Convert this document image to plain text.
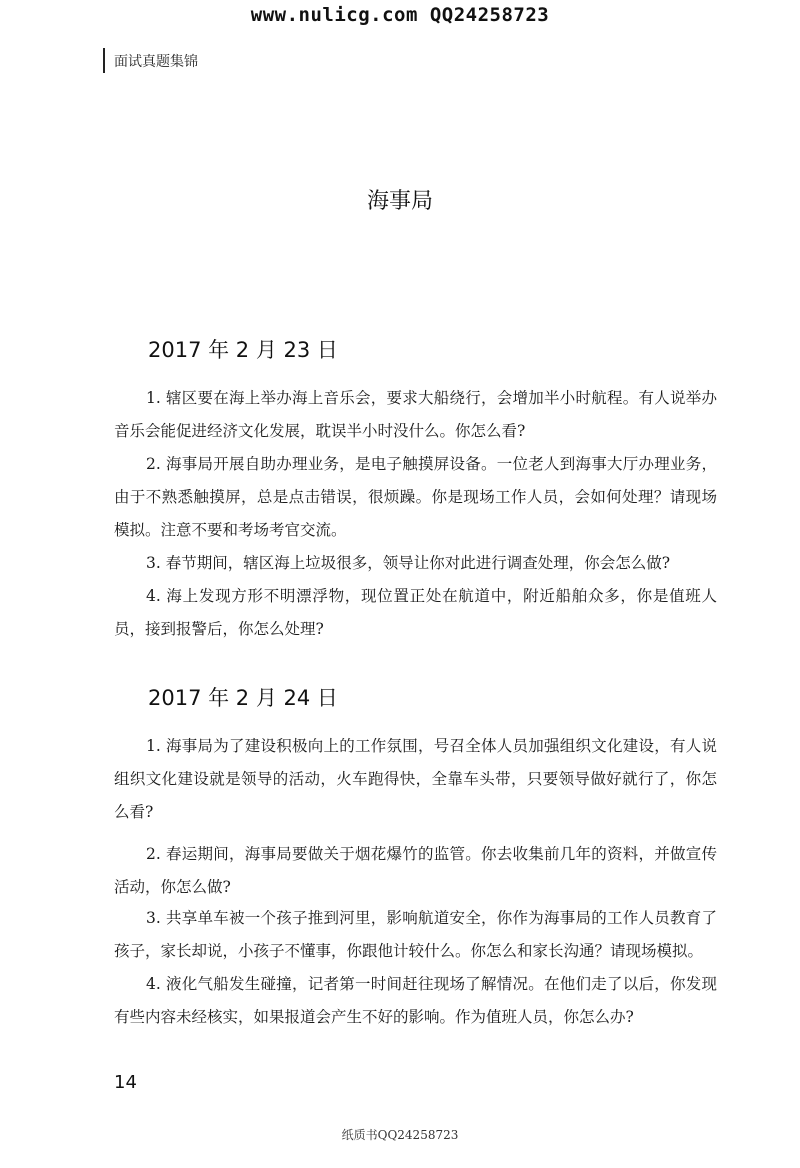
www.nulicg.com QQ24258723
面试真题集锦
海事局
2017 年 2 月 23 日
1. 辖区要在海上举办海上音乐会，要求大船绕行，会增加半小时航程。有人说举办音乐会能促进经济文化发展，耽误半小时没什么。你怎么看?
2. 海事局开展自助办理业务，是电子触摸屏设备。一位老人到海事大厅办理业务，由于不熟悉触摸屏，总是点击错误，很烦躁。你是现场工作人员，会如何处理？请现场模拟。注意不要和考场考官交流。
3. 春节期间，辖区海上垃圾很多，领导让你对此进行调查处理，你会怎么做?
4. 海上发现方形不明漂浮物，现位置正处在航道中，附近船舶众多，你是值班人员，接到报警后，你怎么处理?
2017 年 2 月 24 日
1. 海事局为了建设积极向上的工作氛围，号召全体人员加强组织文化建设，有人说组织文化建设就是领导的活动，火车跑得快，全靠车头带，只要领导做好就行了，你怎么看?
2. 春运期间，海事局要做关于烟花爆竹的监管。你去收集前几年的资料，并做宣传活动，你怎么做?
3. 共享单车被一个孩子推到河里，影响航道安全，你作为海事局的工作人员教育了孩子，家长却说，小孩子不懂事，你跟他计较什么。你怎么和家长沟通？请现场模拟。
4. 液化气船发生碰撞，记者第一时间赶往现场了解情况。在他们走了以后，你发现有些内容未经核实，如果报道会产生不好的影响。作为值班人员，你怎么办?
14
纸质书QQ24258723
